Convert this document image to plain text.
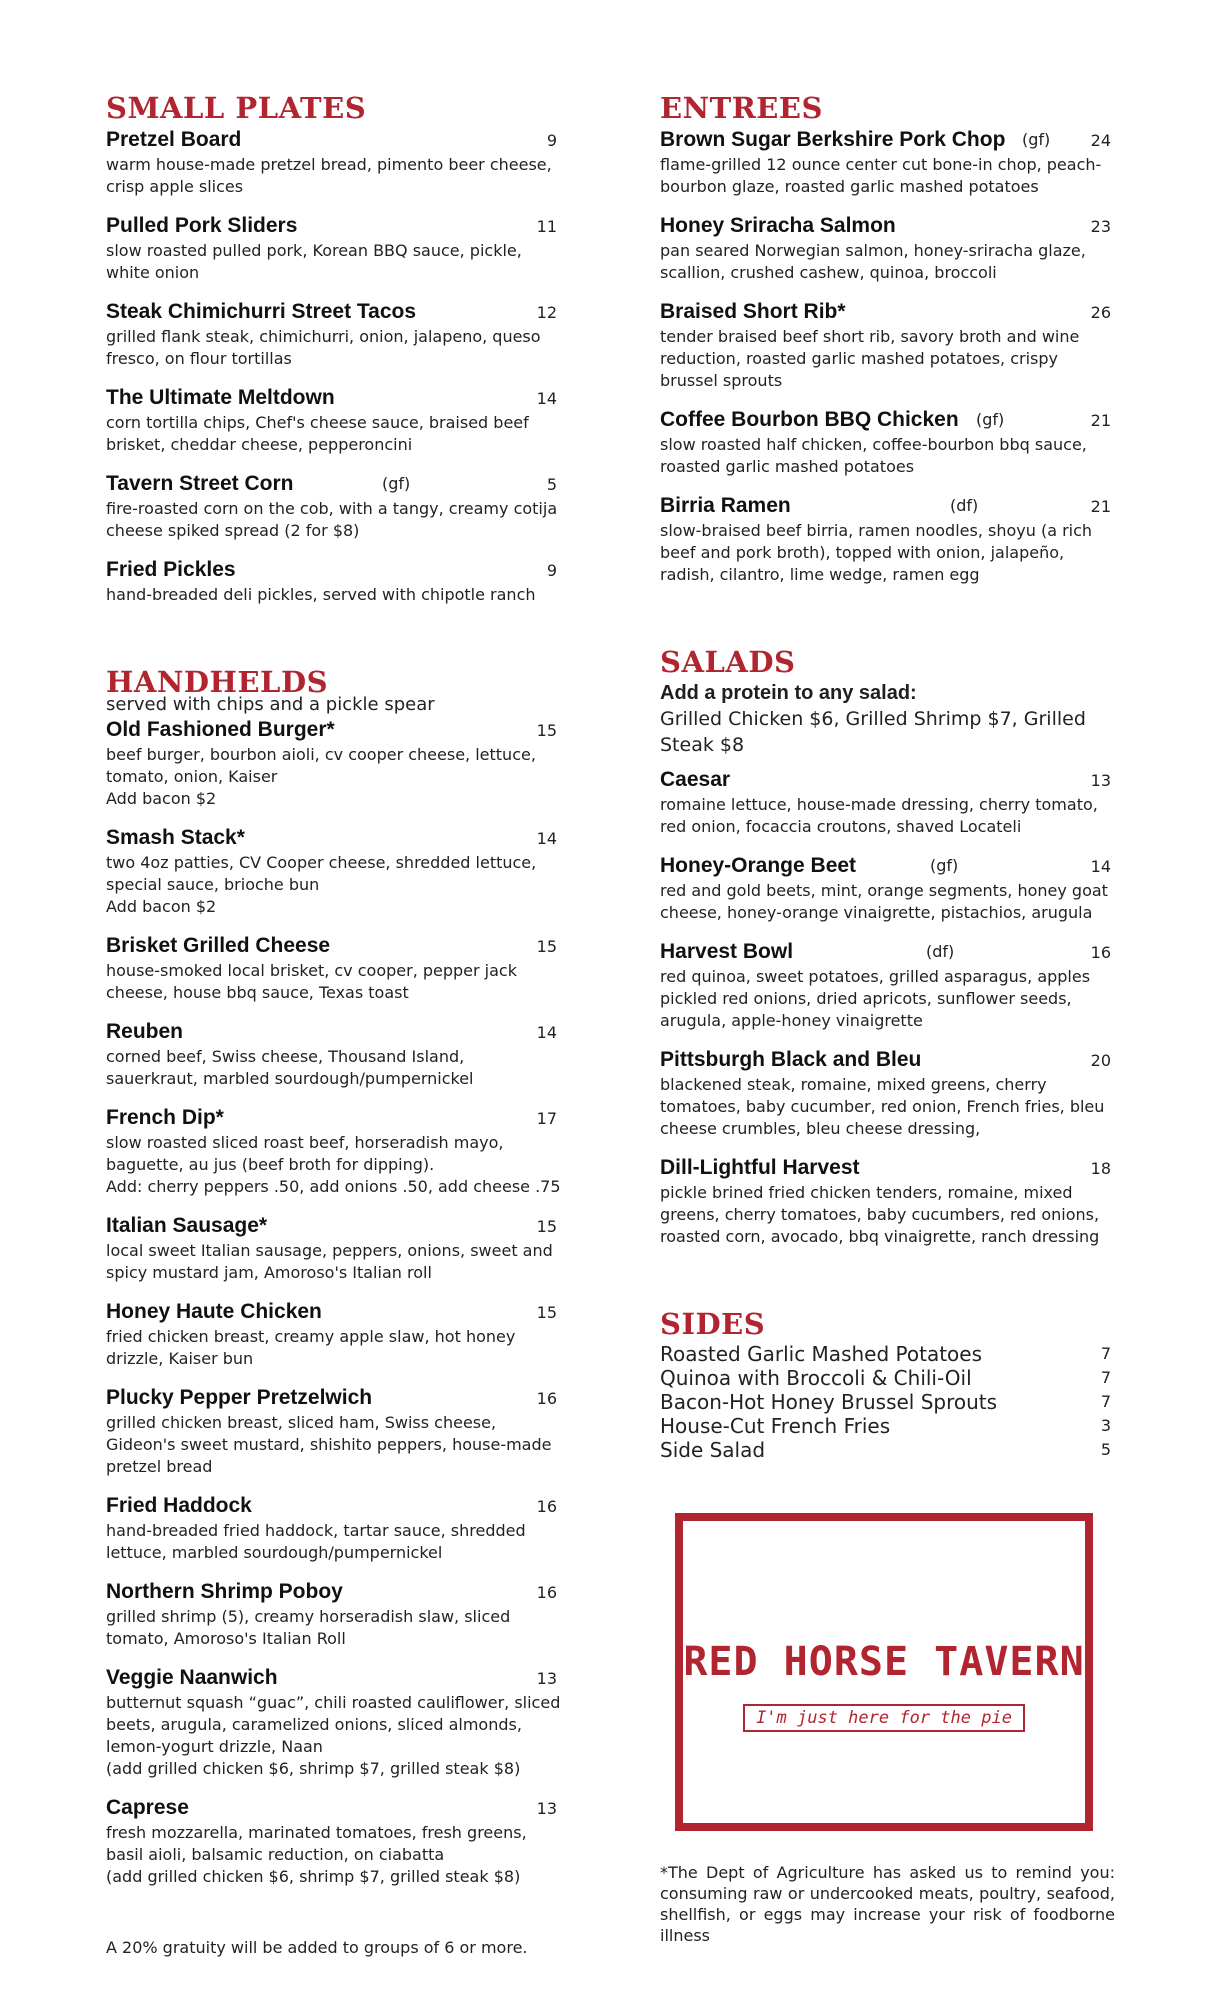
SMALL PLATES
Pretzel Board	9
warm house-made pretzel bread, pimento beer cheese, crisp apple slices
Pulled Pork Sliders	11
slow roasted pulled pork, Korean BBQ sauce, pickle, white onion
Steak Chimichurri Street Tacos	12
grilled flank steak, chimichurri, onion, jalapeno, queso fresco, on flour tortillas
The Ultimate Meltdown	14
corn tortilla chips, Chef's cheese sauce, braised beef brisket, cheddar cheese, pepperoncini
Tavern Street Corn	(gf)	5
fire-roasted corn on the cob, with a tangy, creamy cotija cheese spiked spread (2 for $8)
Fried Pickles	9
hand-breaded deli pickles, served with chipotle ranch
HANDHELDS
served with chips and a pickle spear
Old Fashioned Burger*	15
beef burger, bourbon aioli, cv cooper cheese, lettuce, tomato, onion, Kaiser
Add bacon $2
Smash Stack*	14
two 4oz patties, CV Cooper cheese, shredded lettuce, special sauce, brioche bun
Add bacon $2
Brisket Grilled Cheese	15
house-smoked local brisket, cv cooper, pepper jack cheese, house bbq sauce, Texas toast
Reuben	14
corned beef, Swiss cheese, Thousand Island, sauerkraut, marbled sourdough/pumpernickel
French Dip*	17
slow roasted sliced roast beef, horseradish mayo, baguette, au jus (beef broth for dipping).
Add: cherry peppers .50, add onions .50, add cheese .75
Italian Sausage*	15
local sweet Italian sausage, peppers, onions, sweet and spicy mustard jam, Amoroso's Italian roll
Honey Haute Chicken	15
fried chicken breast, creamy apple slaw, hot honey drizzle, Kaiser bun
Plucky Pepper Pretzelwich	16
grilled chicken breast, sliced ham, Swiss cheese, Gideon's sweet mustard, shishito peppers, house-made pretzel bread
Fried Haddock	16
hand-breaded fried haddock, tartar sauce, shredded lettuce, marbled sourdough/pumpernickel
Northern Shrimp Poboy	16
grilled shrimp (5), creamy horseradish slaw, sliced tomato, Amoroso's Italian Roll
Veggie Naanwich	13
butternut squash “guac”, chili roasted cauliflower, sliced beets, arugula, caramelized onions, sliced almonds, lemon-yogurt drizzle, Naan
(add grilled chicken $6, shrimp $7, grilled steak $8)
Caprese	13
fresh mozzarella, marinated tomatoes, fresh greens, basil aioli, balsamic reduction, on ciabatta
(add grilled chicken $6, shrimp $7, grilled steak $8)
A 20% gratuity will be added to groups of 6 or more.
ENTREES
Brown Sugar Berkshire Pork Chop (gf)	24
flame-grilled 12 ounce center cut bone-in chop, peach-bourbon glaze, roasted garlic mashed potatoes
Honey Sriracha Salmon	23
pan seared Norwegian salmon, honey-sriracha glaze, scallion, crushed cashew, quinoa, broccoli
Braised Short Rib*	26
tender braised beef short rib, savory broth and wine reduction, roasted garlic mashed potatoes, crispy brussel sprouts
Coffee Bourbon BBQ Chicken (gf)	21
slow roasted half chicken, coffee-bourbon bbq sauce, roasted garlic mashed potatoes
Birria Ramen	(df)	21
slow-braised beef birria, ramen noodles, shoyu (a rich beef and pork broth), topped with onion, jalapeño, radish, cilantro, lime wedge, ramen egg
SALADS
Add a protein to any salad:
Grilled Chicken $6, Grilled Shrimp $7, Grilled Steak $8
Caesar	13
romaine lettuce, house-made dressing, cherry tomato, red onion, focaccia croutons, shaved Locateli
Honey-Orange Beet	(gf)	14
red and gold beets, mint, orange segments, honey goat cheese, honey-orange vinaigrette, pistachios, arugula
Harvest Bowl	(df)	16
red quinoa, sweet potatoes, grilled asparagus, apples pickled red onions, dried apricots, sunflower seeds, arugula, apple-honey vinaigrette
Pittsburgh Black and Bleu	20
blackened steak, romaine, mixed greens, cherry tomatoes, baby cucumber, red onion, French fries, bleu cheese crumbles, bleu cheese dressing,
Dill-Lightful Harvest	18
pickle brined fried chicken tenders, romaine, mixed greens, cherry tomatoes, baby cucumbers, red onions, roasted corn, avocado, bbq vinaigrette, ranch dressing
SIDES
Roasted Garlic Mashed Potatoes	7
Quinoa with Broccoli & Chili-Oil	7
Bacon-Hot Honey Brussel Sprouts	7
House-Cut French Fries	3
Side Salad	5
RED HORSE TAVERN
I'm just here for the pie
*The Dept of Agriculture has asked us to remind you: consuming raw or undercooked meats, poultry, seafood, shellfish, or eggs may increase your risk of foodborne illness
